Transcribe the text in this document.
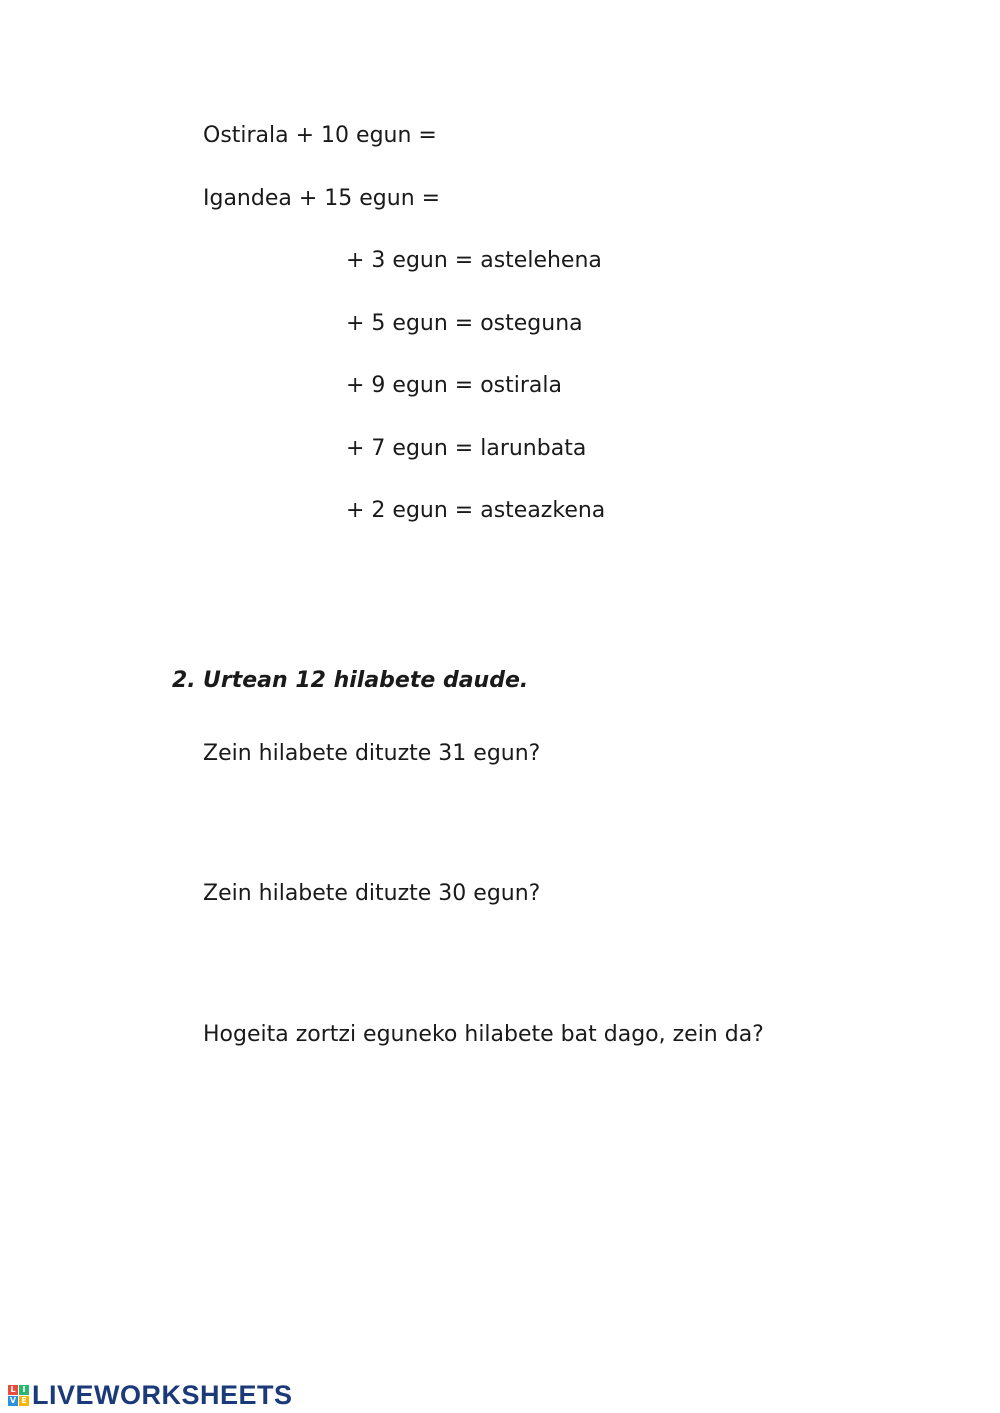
Ostirala + 10 egun =
Igandea + 15 egun =
+ 3 egun = astelehena
+ 5 egun = osteguna
+ 9 egun = ostirala
+ 7 egun = larunbata
+ 2 egun = asteazkena
2. Urtean 12 hilabete daude.
Zein hilabete dituzte 31 egun?
Zein hilabete dituzte 30 egun?
Hogeita zortzi eguneko hilabete bat dago, zein da?
L I
V E LIVEWORKSHEETS
